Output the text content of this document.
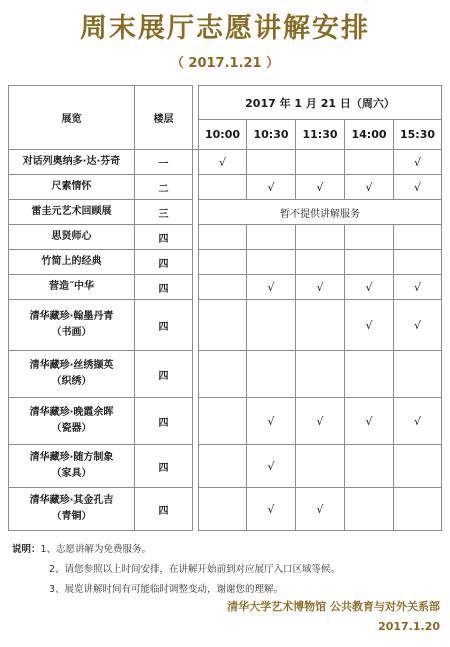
周末展厅志愿讲解安排
（ 2017.1.21 ）
展览	楼层		2017 年 1 月 21 日（周六）				
			10:00	10:30	11:30	14:00	15:30

对话列奥纳多·达·芬奇	一		√				√

尺素情怀	二			√	√	√	√

雷圭元艺术回顾展	三		暂不提供讲解服务				

思贤师心	四						

竹简上的经典	四						

营造˝中华	四			√	√	√	√

清华藏珍·翰墨丹青
（书画）	四					√	√

清华藏珍·丝绣撷英
（织绣）	四						

清华藏珍·晚霞余晖
（瓷器）	四			√	√	√	√

清华藏珍·随方制象
（家具）	四			√			

清华藏珍·其金孔吉
（青铜）	四			√	√		
说明：1、志愿讲解为免费服务。
2、请您参照以上时间安排，在讲解开始前到对应展厅入口区域等候。
3、展览讲解时间有可能临时调整变动，谢谢您的理解。
清华大学艺术博物馆 公共教育与对外关系部
2017.1.20
